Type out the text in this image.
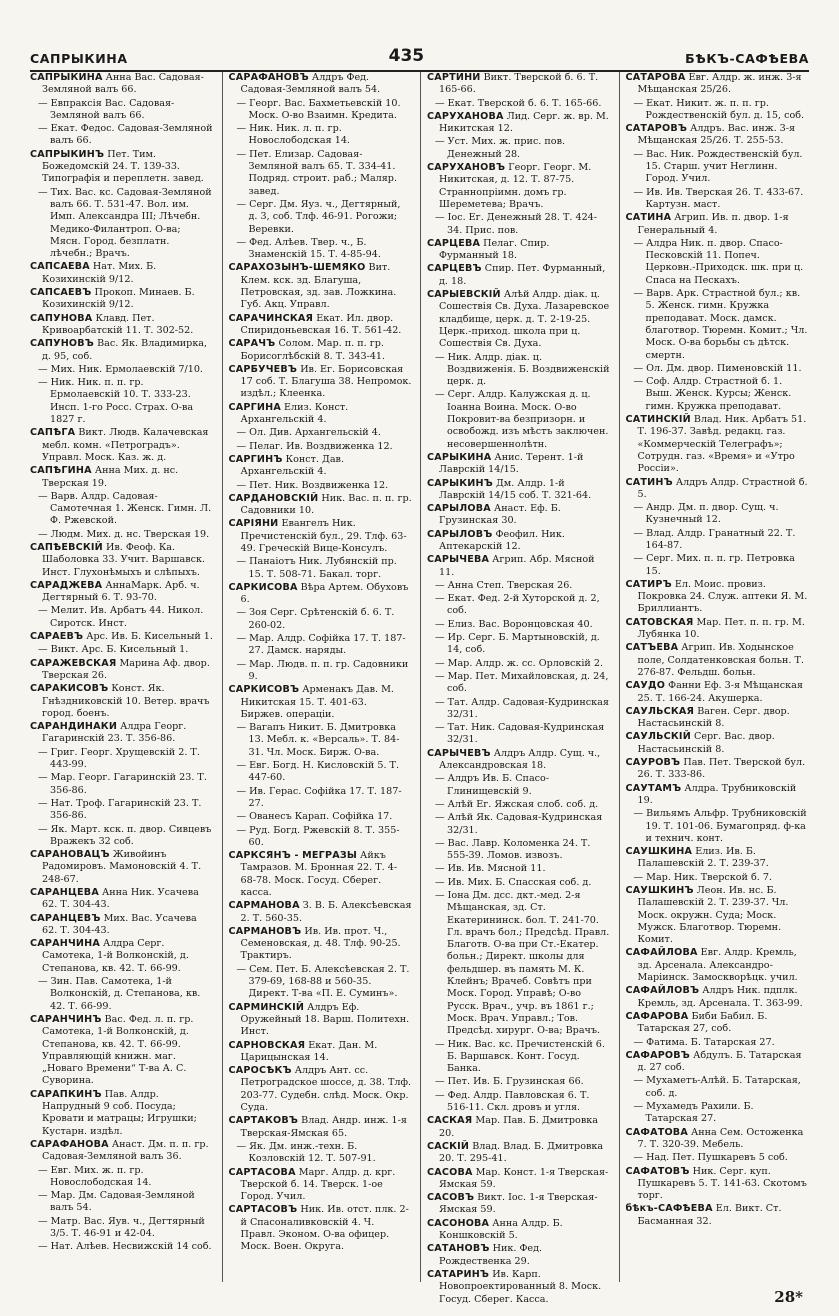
САПРЫКИНА	435	БѢКЪ-САФѢЕВА
САПРЫКИНА Анна Вас. Садовая-Земляной валъ 66.
— Евпраксія Вас. Садовая-Земляной валъ 66.
— Екат. Федос. Садовая-Земляной валъ 66.
САПРЫКИНЪ Пет. Тим. Божедомскій 24. Т. 139-33. Типографія и переплетн. завед.
— Тих. Вас. кс. Садовая-Земляной валъ 66. Т. 531-47. Вол. им. Имп. Александра III; Лѣчебн. Медико-Филантроп. О-ва; Мясн. Город. безплатн. лѣчебн.; Врачъ.
САПСАЕВА Нат. Мих. Б. Козихинскій 9/12.
САПСАЕВЪ Прокоп. Минаев. Б. Козихинскій 9/12.
САПУНОВА Клавд. Пет. Кривоарбатскій 11. Т. 302-52.
САПУНОВЪ Вас. Як. Владимирка, д. 95, соб.
— Мих. Ник. Ермолаевскій 7/10.
— Ник. Ник. п. п. гр. Ермолаевскій 10. Т. 333-23. Инсп. 1-го Росс. Страх. О-ва 1827 г.
САПѢГА Викт. Людв. Калачевская мебл. комн. «Петроградъ». Управл. Моск. Каз. ж. д.
САПѢГИНА Анна Мих. д. нс. Тверская 19.
— Варв. Алдр. Садовая-Самотечная 1. Женск. Гимн. Л. Ф. Ржевской.
— Людм. Мих. д. нс. Тверская 19.
САПѢЕВСКІЙ Ив. Феоф. Ка. Шаболовка 33. Учит. Варшавск. Инст. Глухонѣмыхъ и слѣпыхъ.
САРАДЖЕВА АннаМарк. Арб. ч. Дегтярный 6. Т. 93-70.
— Мелит. Ив. Арбатъ 44. Никол. Сиротск. Инст.
САРАЕВЪ Арс. Ив. Б. Кисельный 1.
— Викт. Арс. Б. Кисельный 1.
САРАЖЕВСКАЯ Марина Аф. двор. Тверская 26.
САРАКИСОВЪ Конст. Як. Гнѣздниковскій 10. Ветер. врачъ город. боенъ.
САРАНДИНАКИ Алдра Георг. Гагаринскій 23. Т. 356-86.
— Григ. Георг. Хрущевскій 2. Т. 443-99.
— Мар. Георг. Гагаринскій 23. Т. 356-86.
— Нат. Троф. Гагаринскій 23. Т. 356-86.
— Як. Март. кск. п. двор. Сивцевъ Вражекъ 32 соб.
САРАНОВАЦЪ Живойинъ Радомировъ. Мамоновскій 4. Т. 248-67.
САРАНЦЕВА Анна Ник. Усачева 62. Т. 304-43.
САРАНЦЕВЪ Мих. Вас. Усачева 62. Т. 304-43.
САРАНЧИНА Алдра Серг. Самотека, 1-й Волконскій, д. Степанова, кв. 42. Т. 66-99.
— Зин. Пав. Самотека, 1-й Волконскій, д. Степанова, кв. 42. Т. 66-99.
САРАНЧИНЪ Вас. Фед. л. п. гр. Самотека, 1-й Волконскій, д. Степанова, кв. 42. Т. 66-99. Управляющій книжн. маг. „Новаго Времени“ Т-ва А. С. Суворина.
САРАПКИНЪ Пав. Алдр. Напрудный 9 соб. Посуда; Кровати и матрацы; Игрушки; Кустарн. издѣл.
САРАФАНОВА Анаст. Дм. п. п. гр. Садовая-Земляной валъ 36.
— Евг. Мих. ж. п. гр. Новослободская 14.
— Мар. Дм. Садовая-Земляной валъ 54.
— Матр. Вас. Яув. ч., Дегтярный 3/5. Т. 46-91 и 42-04.
— Нат. Алѣев. Несвижскій 14 соб.
САРАФАНОВЪ Алдръ Фед. Садовая-Земляной валъ 54.
— Георг. Вас. Бахметьевскій 10. Моск. О-во Взаимн. Кредита.
— Ник. Ник. л. п. гр. Новослободская 14.
— Пет. Елизар. Садовая-Земляной валъ 65. Т. 334-41. Подряд. строит. раб.; Маляр. завед.
— Серг. Дм. Яуз. ч., Дегтярный, д. 3, соб. Тлф. 46-91. Рогожи; Веревки.
— Фед. Алѣев. Твер. ч., Б. Знаменскій 15. Т. 4-85-94.
САРАХОЗЫНЪ-ШЕМЯКО Вит. Клем. кск. зд. Благуша, Петровская, зд. зав. Ложкина. Губ. Акц. Управл.
САРАЧИНСКАЯ Екат. Ил. двор. Спиридоньевская 16. Т. 561-42.
САРАЧЪ Солом. Мар. п. п. гр. Борисоглѣбскій 8. Т. 343-41.
САРБУЧЕВЪ Ив. Ег. Борисовская 17 соб. Т. Благуша 38. Непромок. издѣл.; Клеенка.
САРГИНА Елиз. Конст. Архангельскій 4.
— Ол. Див. Архангельскій 4.
— Пелаг. Ив. Воздвиженка 12.
САРГИНЪ Конст. Дав. Архангельскій 4.
— Пет. Ник. Воздвиженка 12.
САРДАНОВСКІЙ Ник. Вас. п. п. гр. Садовники 10.
САРІЯНИ Евангелъ Ник. Пречистенскій бул., 29. Тлф. 63-49. Греческій Вице-Консулъ.
— Панаіотъ Ник. Лубянскій пр. 15. Т. 508-71. Бакал. торг.
САРКИСОВА Вѣра Артем. Обуховъ 6.
— Зоя Серг. Срѣтенскій б. 6. Т. 260-02.
— Мар. Алдр. Софійка 17. Т. 187-27. Дамск. наряды.
— Мар. Людв. п. п. гр. Садовники 9.
САРКИСОВЪ Арменакъ Дав. М. Никитская 15. Т. 401-63. Биржев. операціи.
— Вагапъ Никит. Б. Дмитровка 13. Мебл. к. «Версаль». Т. 84-31. Чл. Моск. Бирж. О-ва.
— Евг. Богд. Н. Кисловскій 5. Т. 447-60.
— Ив. Герас. Софійка 17. Т. 187-27.
— Ованесъ Карап. Софійка 17.
— Руд. Богд. Ржевскій 8. Т. 355-60.
САРКСЯНЪ - МЕГРАЗЫ Айкъ Тамразов. М. Бронная 22. Т. 4-68-78. Моск. Госуд. Сберег. касса.
САРМАНОВА З. В. Б. Алексѣевская 2. Т. 560-35.
САРМАНОВЪ Ив. Ив. прот. Ч., Семеновская, д. 48. Тлф. 90-25. Трактиръ.
— Сем. Пет. Б. Алексѣевская 2. Т. 379-69, 168-88 и 560-35. Директ. Т-ва «П. Е. Суминъ».
САРМИНСКІЙ Алдръ Еф. Оружейный 18. Варш. Политехн. Инст.
САРНОВСКАЯ Екат. Дан. М. Царицынская 14.
САРОСѢКЪ Алдръ Ант. сс. Петроградское шоссе, д. 38. Тлф. 203-77. Судебн. слѣд. Моск. Окр. Суда.
САРТАКОВЪ Влад. Андр. инж. 1-я Тверская-Ямская 65.
— Як. Дм. инж.-техн. Б. Козловскій 12. Т. 507-91.
САРТАСОВА Марг. Алдр. д. крг. Тверской б. 14. Тверск. 1-ое Город. Учил.
САРТАСОВЪ Ник. Ив. отст. плк. 2-й Спасоналивковскій 4. Ч. Правл. Эконом. О-ва офицер. Моск. Воен. Округа.
САРТИНИ Викт. Тверской б. 6. Т. 165-66.
— Екат. Тверской б. 6. Т. 165-66.
САРУХАНОВА Лид. Серг. ж. вр. М. Никитская 12.
— Уст. Мих. ж. прис. пов. Денежный 28.
САРУХАНОВЪ Георг. Георг. М. Никитская, д. 12. Т. 87-75. Страннопріимн. домъ гр. Шереметева; Врачъ.
— Іос. Ег. Денежный 28. Т. 424-34. Прис. пов.
САРЦЕВА Пелаг. Спир. Фурманный 18.
САРЦЕВЪ Спир. Пет. Фурманный, д. 18.
САРЫЕВСКІЙ Алѣй Алдр. діак. ц. Сошествія Св. Духа. Лазаревское кладбище, церк. д. Т. 2-19-25. Церк.-приход. школа при ц. Сошествія Св. Духа.
— Ник. Алдр. діак. ц. Воздвиженія. Б. Воздвиженскій церк. д.
— Серг. Алдр. Калужская д. ц. Іоанна Воина. Моск. О-во Покровит-ва безпризорн. и освобожд. изъ мѣстъ заключен. несовершеннолѣтн.
САРЫКИНА Анис. Терент. 1-й Лаврскій 14/15.
САРЫКИНЪ Дм. Алдр. 1-й Лаврскій 14/15 соб. Т. 321-64.
САРЫЛОВА Анаст. Еф. Б. Грузинская 30.
САРЫЛОВЪ Феофил. Ник. Аптекарскій 12.
САРЫЧЕВА Агрип. Абр. Мясной 11.
— Анна Степ. Тверская 26.
— Екат. Фед. 2-й Хуторской д. 2, соб.
— Елиз. Вас. Воронцовская 40.
— Ир. Серг. Б. Мартыновскій, д. 14, соб.
— Мар. Алдр. ж. сс. Орловскій 2.
— Мар. Пет. Михайловская, д. 24, соб.
— Тат. Алдр. Садовая-Кудринская 32/31.
— Тат. Ник. Садовая-Кудринская 32/31.
САРЫЧЕВЪ Алдръ Алдр. Сущ. ч., Александровская 18.
— Алдръ Ив. Б. Спасо-Глинищевскій 9.
— Алѣй Ег. Яжская слоб. соб. д.
— Алѣй Як. Садовая-Кудринская 32/31.
— Вас. Лавр. Коломенка 24. Т. 555-39. Ломов. извозъ.
— Ив. Ив. Мясной 11.
— Ив. Мих. Б. Спасская соб. д.
— Іона Дм. дсс. дкт.-мед. 2-я Мѣщанская, зд. Ст. Екатерининск. бол. Т. 241-70. Гл. врачъ бол.; Предсѣд. Правл. Благотв. О-ва при Ст.-Екатер. больн.; Директ. школы для фельдшер. въ память М. К. Клейнъ; Врачеб. Совѣтъ при Моск. Город. Управѣ; О-во Русск. Врач., учр. въ 1861 г.; Моск. Врач. Управл.; Тов. Предсѣд. хирург. О-ва; Врачъ.
— Ник. Вас. кс. Пречистенскій 6. Б. Варшавск. Конт. Госуд. Банка.
— Пет. Ив. Б. Грузинская 66.
— Фед. Алдр. Павловская 6. Т. 516-11. Скл. дровъ и угля.
САСКАЯ Мар. Пав. Б. Дмитровка 20.
САСКІЙ Влад. Влад. Б. Дмитровка 20. Т. 295-41.
САСОВА Мар. Конст. 1-я Тверская-Ямская 59.
САСОВЪ Викт. Іос. 1-я Тверская-Ямская 59.
САСОНОВА Анна Алдр. Б. Коншковскій 5.
САТАНОВЪ Ник. Фед. Рождественка 29.
САТАРИНЪ Ив. Карп. Новопроектированный 8. Моск. Госуд. Сберег. Касса.
САТАРОВА Евг. Алдр. ж. инж. 3-я Мѣщанская 25/26.
— Екат. Никит. ж. п. п. гр. Рождественскій бул. д. 15, соб.
САТАРОВЪ Алдръ. Вас. инж. 3-я Мѣщанская 25/26. Т. 255-53.
— Вас. Ник. Рождественскій бул. 15. Старш. учит Неглинн. Город. Учил.
— Ив. Ив. Тверская 26. Т. 433-67. Картузн. маст.
САТИНА Агрип. Ив. п. двор. 1-я Генеральный 4.
— Алдра Ник. п. двор. Спасо-Песковскій 11. Попеч. Церковн.-Приходск. шк. при ц. Спаса на Пескахъ.
— Варв. Арк. Страстной бул.; кв. 5. Женск. гимн. Кружка преподават. Моск. дамск. благотвор. Тюремн. Комит.; Чл. Моск. О-ва борьбы съ дѣтск. смертн.
— Ол. Дм. двор. Пименовскій 11.
— Соф. Алдр. Страстной б. 1. Выш. Женск. Курсы; Женск. гимн. Кружка преподават.
САТИНСКІЙ Влад. Ник. Арбатъ 51. Т. 196-37. Завѣд. редакц. газ. «Коммерческій Телеграфъ»; Сотрудн. газ. «Время» и «Утро Россіи».
САТИНЪ Алдръ Алдр. Страстной б. 5.
— Андр. Дм. п. двор. Сущ. ч. Кузнечный 12.
— Влад. Алдр. Гранатный 22. Т. 164-87.
— Серг. Мих. п. п. гр. Петровка 15.
САТИРЪ Ел. Моис. провиз. Покровка 24. Служ. аптеки Я. М. Бриллиантъ.
САТОВСКАЯ Мар. Пет. п. п. гр. М. Лубянка 10.
САТЪЕВА Агрип. Ив. Ходынское поле, Солдатенковская больн. Т. 276-87. Фельдш. больн.
САУДО Фанни Еф. 3-я Мѣщанская 25. Т. 166-24. Акушерка.
САУЛЬСКАЯ Ваген. Серг. двор. Настасьинскій 8.
САУЛЬСКІЙ Серг. Вас. двор. Настасьинскій 8.
САУРОВЪ Пав. Пет. Тверской бул. 26. Т. 333-86.
САУТАМЪ Алдра. Трубниковскій 19.
— Вильямъ Альфр. Трубниковскій 19. Т. 101-06. Бумагопряд. ф-ка и технич. конт.
САУШКИНА Елиз. Ив. Б. Палашевскій 2. Т. 239-37.
— Мар. Ник. Тверской б. 7.
САУШКИНЪ Леон. Ив. нс. Б. Палашевскій 2. Т. 239-37. Чл. Моск. окружн. Суда; Моск. Мужск. Благотвор. Тюремн. Комит.
САФАЙЛОВА Евг. Алдр. Кремль, зд. Арсенала. Александро-Маріинск. Замоскворѣцк. учил.
САФАЙЛОВЪ Алдръ Ник. пдплк. Кремль, зд. Арсенала. Т. 363-99.
САФАРОВА Биби Бабил. Б. Татарская 27, соб.
— Фатима. Б. Татарская 27.
САФАРОВЪ Абдулъ. Б. Татарская д. 27 соб.
— Мухаметъ-Алѣй. Б. Татарская, соб. д.
— Мухамедъ Рахили. Б. Татарская 27.
САФАТОВА Анна Сем. Остоженка 7. Т. 320-39. Мебель.
— Над. Пет. Пушкаревъ 5 соб.
САФАТОВЪ Ник. Серг. куп. Пушкаревъ 5. Т. 141-63. Скотомъ торг.
бѣкъ-САФѢЕВА Ел. Викт. Ст. Басманная 32.
28*
